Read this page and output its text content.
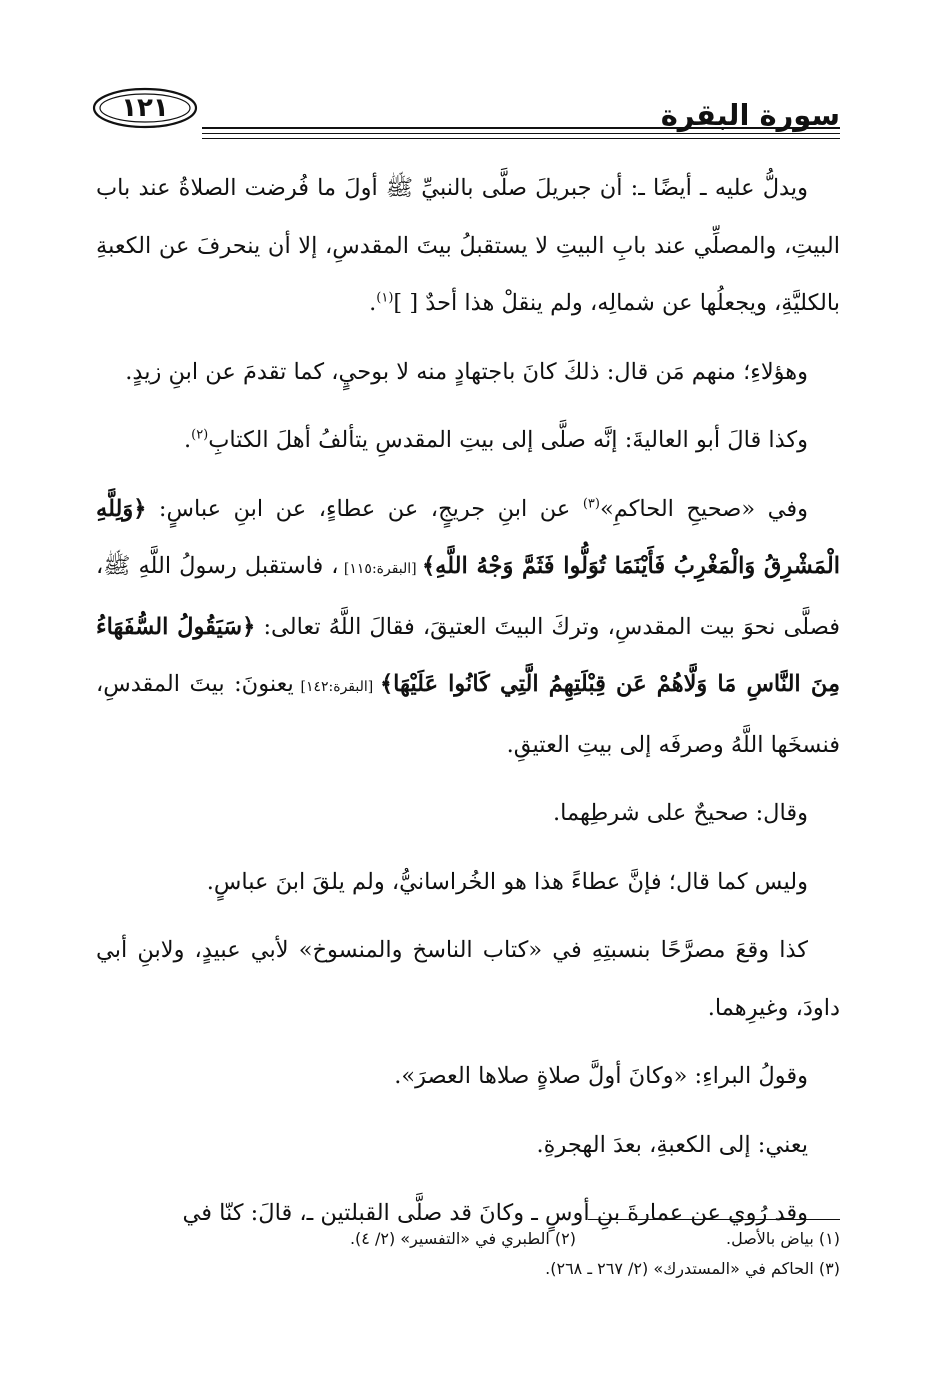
١٢١	سورة البقرة

ويدلُّ عليه ـ أيضًا ـ: أن جبريلَ صلَّى بالنبيِّ ﷺ أولَ ما فُرضت الصلاةُ عند باب البيتِ، والمصلِّي عند بابِ البيتِ لا يستقبلُ بيتَ المقدسِ، إلا أن ينحرفَ عن الكعبةِ بالكليَّةِ، ويجعلُها عن شمالِه، ولم ينقلْ هذا أحدٌ [ ]$^{(١)}$.

وهؤلاءِ؛ منهم مَن قال: ذلكَ كانَ باجتهادٍ منه لا بوحيٍ، كما تقدمَ عن ابنِ زيدٍ.

وكذا قالَ أبو العاليةَ: إنَّه صلَّى إلى بيتِ المقدسِ يتألفُ أهلَ الكتابِ$^{(٢)}$.

وفي «صحيحِ الحاكمِ»$^{(٣)}$ عن ابنِ جريجٍ، عن عطاءٍ، عن ابنِ عباسٍ: ﴿وَلِلَّهِ الْمَشْرِقُ وَالْمَغْرِبُ فَأَيْنَمَا تُوَلُّوا فَثَمَّ وَجْهُ اللَّهِ﴾ [البقرة:١١٥] ، فاستقبل رسولُ اللَّهِ ﷺ، فصلَّى نحوَ بيت المقدسِ، وتركَ البيتَ العتيقَ، فقالَ اللَّهُ تعالى: ﴿سَيَقُولُ السُّفَهَاءُ مِنَ النَّاسِ مَا وَلَّاهُمْ عَن قِبْلَتِهِمُ الَّتِي كَانُوا عَلَيْهَا﴾ [البقرة:١٤٢] يعنونَ: بيتَ المقدسِ، فنسخَها اللَّهُ وصرفَه إلى بيتِ العتيقِ.

وقال: صحيحٌ على شرطِهما.

وليس كما قال؛ فإنَّ عطاءً هذا هو الخُراسانيُّ، ولم يلقَ ابنَ عباسٍ.

كذا وقعَ مصرَّحًا بنسبتِهِ في «كتاب الناسخ والمنسوخ» لأبي عبيدٍ، ولابنِ أبي داودَ، وغيرِهما.

وقولُ البراءِ: «وكانَ أولَّ صلاةٍ صلاها العصرَ».

يعني: إلى الكعبةِ، بعدَ الهجرةِ.

وقد رُوي عن عمارةَ بنِ أوسٍ ـ وكانَ قد صلَّى القبلتين ـ، قالَ: كنّا في

(١) بياض بالأصل.
(٢) الطبري في «التفسير» (٢/ ٤).
(٣) الحاكم في «المستدرك» (٢/ ٢٦٧ ـ ٢٦٨).
